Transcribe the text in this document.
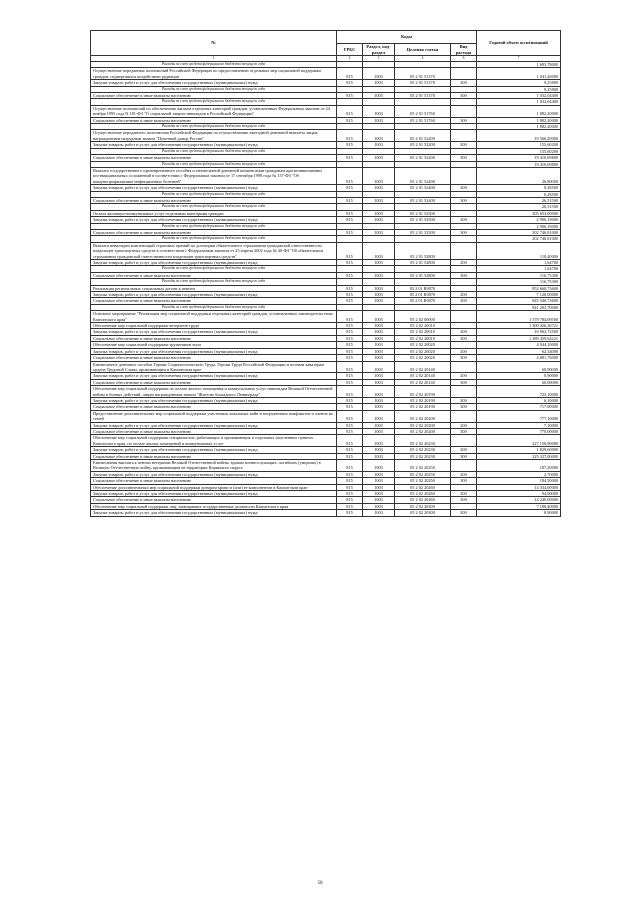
№	Коды				Годовой объем ассигнований
	ГРБС	Раздел, под-раздел	Целевая статья	Вид расхода	
1	2	3	4	6	7
Расходы за счет средств федерального бюджета текущего года					1 693,78000
Осуществление переданных полномочий Российской Федерации по предоставлению отдельных мер социальной поддержки граждан, подвергшихся воздействию радиации	815	1003	05 2 01 51370		1 041,20000
Закупка товаров, работ и услуг для обеспечения государственных (муниципальных) нужд	815	1003	05 2 01 51370	200	9,25800
Расходы за счет средств федерального бюджета текущего года					9,25800
Социальное обеспечение и иные выплаты населению	815	1003	05 2 01 51370	300	1 032,04400
Расходы за счет средств федерального бюджета текущего года					1 032,04400
Осуществление полномочий по обеспечению жильем отдельных категорий граждан, установленных Федеральным законом от 24 ноября 1995 года N 181-ФЗ "О социальной защите инвалидов в Российской Федерации"	815	1003	05 2 01 51760		1 882,20000
Социальное обеспечение и иные выплаты населению	815	1003	05 2 01 51760	300	1 882,20000
Расходы за счет средств федерального бюджета текущего года					1 882,20000
Осуществление переданного полномочия Российской Федерации по осуществлению ежегодной денежной выплаты лицам, награжденным нагрудным знаком "Почетный донор России"	815	1003	05 2 01 52200		19 566,20000
Закупка товаров, работ и услуг для обеспечения государственных (муниципальных) нужд	815	1003	05 2 01 52200	200	155,60200
Расходы за счет средств федерального бюджета текущего года					155,60200
Социальное обеспечение и иные выплаты населению	815	1003	05 2 01 52200	300	19 410,69800
Расходы за счет средств федерального бюджета текущего года					19 410,69800
Выплата государственного единовременного пособия и ежемесячной денежной компенсации гражданам при возникновении поствакцинальных осложнений в соответствии с Федеральным законом от 17 сентября 1998 года № 157-ФЗ "Об иммунопрофилактике инфекционных болезней"	815	1003	05 2 01 52400		26,80000
Закупка товаров, работ и услуг для обеспечения государственных (муниципальных) нужд	815	1003	05 2 01 52400	200	0,28500
Расходы за счет средств федерального бюджета текущего года					0,28500
Социальное обеспечение и иные выплаты населению	815	1003	05 2 01 52400	300	26,51500
Расходы за счет средств федерального бюджета текущего года					26,51500
Оплата жилищно-коммунальных услуг отдельным категориям граждан	815	1003	05 2 01 52500		205 653,00000
Закупка товаров, работ и услуг для обеспечения государственных (муниципальных) нужд	815	1003	05 2 01 52500	200	2 906,19000
Расходы за счет средств федерального бюджета текущего года					2 906,19000
Социальное обеспечение и иные выплаты населению	815	1003	05 2 01 52500	300	202 746,81000
Расходы за счет средств федерального бюджета текущего года					202 746,81000
Выплата инвалидам компенсаций страховых премий по договорам обязательного страхования гражданской ответственности владельцев транспортных средств в соответствии с Федеральным законом от 25 апреля 2002 года № 40-ФЗ "Об обязательном страховании гражданской ответственности владельцев транспортных средств"	815	1003	05 2 01 52800		118,40000
Закупка товаров, работ и услуг для обеспечения государственных (муниципальных) нужд	815	1003	05 2 01 52800	200	1,64700
Расходы за счет средств федерального бюджета текущего года					1,64700
Социальное обеспечение и иные выплаты населению	815	1003	05 2 01 52800	300	116,75300
Расходы за счет средств федерального бюджета текущего года					116,75300
Реализация региональных социальных доплат к пенсии	815	1003	05 2 01 R0070		852 660,73600
Закупка товаров, работ и услуг для обеспечения государственных (муниципальных) нужд	815	1003	05 2 01 R0070	200	7 120,00000
Социальное обеспечение и иные выплаты населению	815	1003	05 2 01 R0070	300	845 540,73600
Расходы за счет средств федерального бюджета текущего года					841 203,70000
Основное мероприятие "Реализация мер социальной поддержки отдельных категорий граждан, установленных законодательством Камчатского края"	815	1003	05 2 02 00000		1 578 784,09500
Обеспечение мер социальной поддержки ветеранов труда	815	1003	05 2 02 20010		1 300 426,36721
Закупка товаров, работ и услуг для обеспечения государственных (муниципальных) нужд	815	1003	05 2 02 20010	200	10 963,72500
Социальное обеспечение и иные выплаты населению	815	1003	05 2 02 20010	300	1 289 459,64221
Обеспечение мер социальной поддержки тружеников тыла	815	1003	05 2 02 20020		4 944,10000
Закупка товаров, работ и услуг для обеспечения государственных (муниципальных) нужд	815	1003	05 2 02 20020	200	62,34000
Социальное обеспечение и иные выплаты населению	815	1003	05 2 02 20020	300	4 881,76000
Ежемесячное денежное пособие Героям Социалистического Труда, Героям Труда Российской Федерации и полным кавалерам ордена Трудовой Славы, проживающим в Камчатском крае	815	1003	05 2 02 20140		60,90000
Закупка товаров, работ и услуг для обеспечения государственных (муниципальных) нужд	815	1003	05 2 02 20140	200	0,90000
Социальное обеспечение и иные выплаты населению	815	1003	05 2 02 20140	300	60,00000
Обеспечение мер социальной поддержки по оплате жилого помещения и коммунальных услуг инвалидам Великой Отечественной войны и боевых действий, лицам награжденным знаком "Жителю блокадного Ленинграда"	815	1003	05 2 02 20190		723,10000
Закупка товаров, работ и услуг для обеспечения государственных (муниципальных) нужд	815	1003	05 2 02 20190	200	6,10000
Социальное обеспечение и иные выплаты населению	815	1003	05 2 02 20190	300	717,00000
Предоставление дополнительных мер социальной поддержки участников локальных войн и вооруженных конфликтов и членов их семей	815	1003	05 2 02 20200		777,10000
Закупка товаров, работ и услуг для обеспечения государственных (муниципальных) нужд	815	1003	05 2 02 20200	200	7,10000
Социальное обеспечение и иные выплаты населению	815	1003	05 2 02 20200	300	770,00000
Обеспечение мер социальной поддержки специалистов, работающих и проживающих в отдельных населенных пунктах Камчатского края, по оплате жилых помещений и коммунальных услуг	815	1003	05 2 02 20230		227 156,90000
Закупка товаров, работ и услуг для обеспечения государственных (муниципальных) нужд	815	1003	05 2 02 20230	200	1 829,60000
Социальное обеспечение и иные выплаты населению	815	1003	05 2 02 20230	300	225 327,00000
Ежемесячная выплата к пенсии ветеранам Великой Отечественной войны, вдовам военнослужащих, погибших (умерших) в Великую Отечественную войну, проживающим на территории Корякского округа	815	1003	05 2 02 20250		187,20000
Закупка товаров, работ и услуг для обеспечения государственных (муниципальных) нужд	815	1003	05 2 02 20250	200	2,70000
Социальное обеспечение и иные выплаты населению	815	1003	05 2 02 20250	300	184,50000
Обеспечение дополнительных мер социальной поддержки донорам крови и (или) ее компонентов в Камчатском крае	815	1003	05 2 02 20260		14 334,00000
Закупка товаров, работ и услуг для обеспечения государственных (муниципальных) нужд	815	1003	05 2 02 20260	200	94,00000
Социальное обеспечение и иные выплаты населению	815	1003	05 2 02 20260	300	14 240,00000
Обеспечение мер социальной поддержки лиц, замещавших государственные должности Камчатского края	815	1003	05 2 02 20300		7 188,40000
Закупка товаров, работ и услуг для обеспечения государственных (муниципальных) нужд	815	1003	05 2 02 20300	200	8,90000
50
